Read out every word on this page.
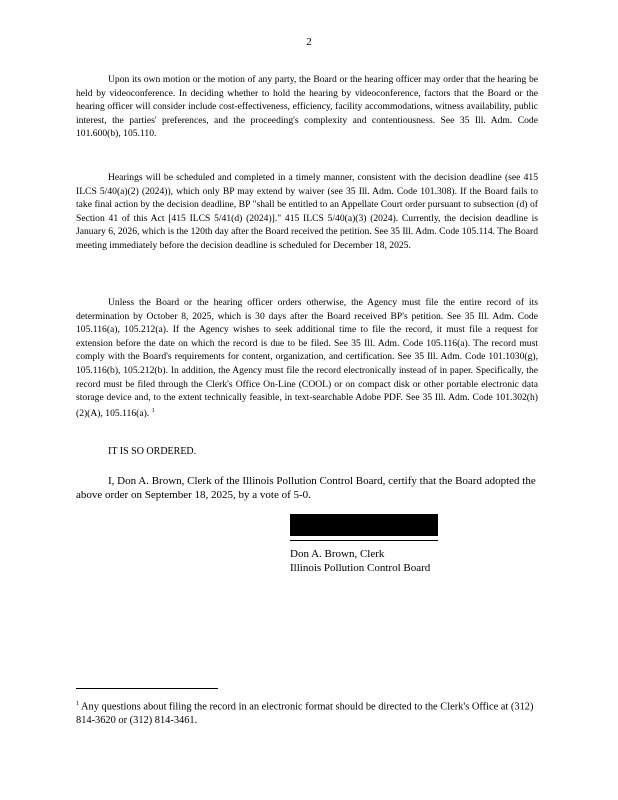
2

Upon its own motion or the motion of any party, the Board or the hearing officer may order that the hearing be held by videoconference. In deciding whether to hold the hearing by videoconference, factors that the Board or the hearing officer will consider include cost-effectiveness, efficiency, facility accommodations, witness availability, public interest, the parties' preferences, and the proceeding's complexity and contentiousness. See 35 Ill. Adm. Code 101.600(b), 105.110.

Hearings will be scheduled and completed in a timely manner, consistent with the decision deadline (see 415 ILCS 5/40(a)(2) (2024)), which only BP may extend by waiver (see 35 Ill. Adm. Code 101.308). If the Board fails to take final action by the decision deadline, BP "shall be entitled to an Appellate Court order pursuant to subsection (d) of Section 41 of this Act [415 ILCS 5/41(d) (2024)]." 415 ILCS 5/40(a)(3) (2024). Currently, the decision deadline is January 6, 2026, which is the 120th day after the Board received the petition. See 35 Ill. Adm. Code 105.114. The Board meeting immediately before the decision deadline is scheduled for December 18, 2025.

Unless the Board or the hearing officer orders otherwise, the Agency must file the entire record of its determination by October 8, 2025, which is 30 days after the Board received BP's petition. See 35 Ill. Adm. Code 105.116(a), 105.212(a). If the Agency wishes to seek additional time to file the record, it must file a request for extension before the date on which the record is due to be filed. See 35 Ill. Adm. Code 105.116(a). The record must comply with the Board's requirements for content, organization, and certification. See 35 Ill. Adm. Code 101.1030(g), 105.116(b), 105.212(b). In addition, the Agency must file the record electronically instead of in paper. Specifically, the record must be filed through the Clerk's Office On-Line (COOL) or on compact disk or other portable electronic data storage device and, to the extent technically feasible, in text-searchable Adobe PDF. See 35 Ill. Adm. Code 101.302(h)(2)(A), 105.116(a). $^1$

IT IS SO ORDERED.

I, Don A. Brown, Clerk of the Illinois Pollution Control Board, certify that the Board adopted the above order on September 18, 2025, by a vote of 5-0.

Don A. Brown, Clerk
Illinois Pollution Control Board

$^1$ Any questions about filing the record in an electronic format should be directed to the Clerk's Office at (312) 814-3620 or (312) 814-3461.
